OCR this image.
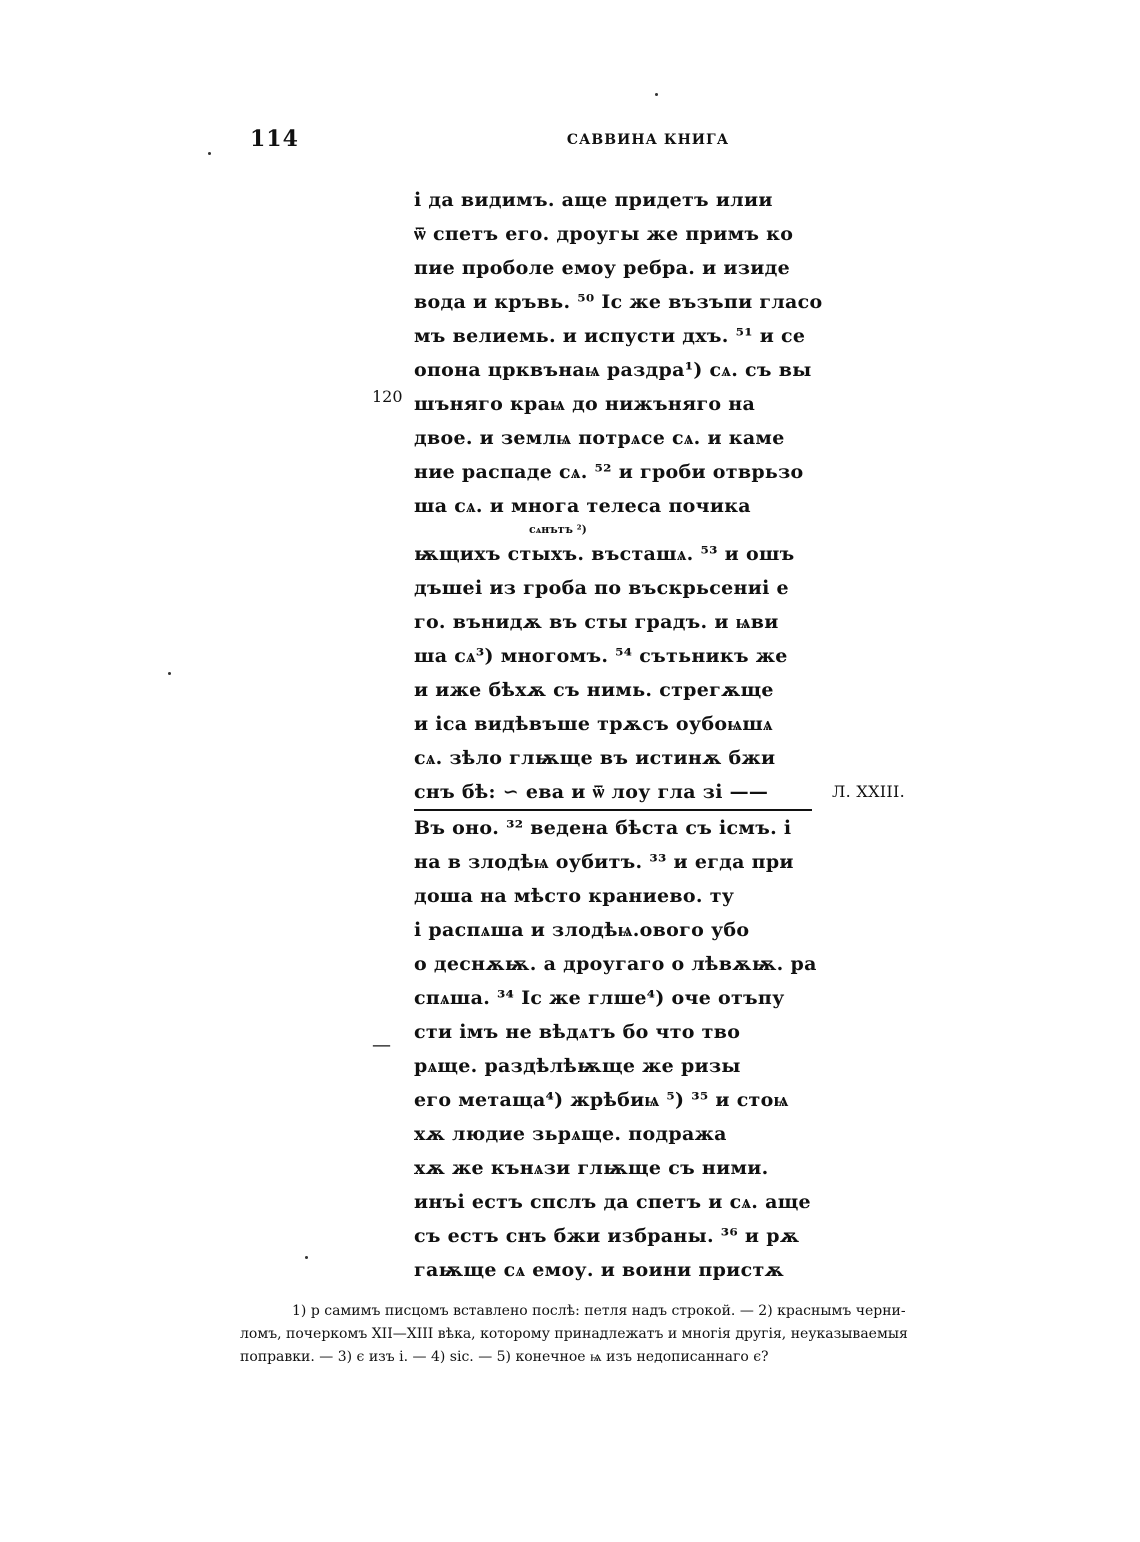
114	САВВИНА КНИГА
120
—
і да видимъ. аще придетъ илии
ѿ спетъ его. дроугы же примъ ко
пие проболе емоу ребра. и изиде
вода и кръвь. ⁵⁰ Іс же възъпи гласо
мъ велиемь. и испусти дхъ. ⁵¹ и се
опона црквънаѩ раздра¹) сѧ. съ вы
шъняго краѩ до нижъняго на
двое. и землѩ потрѧсе сѧ. и каме
ние распаде сѧ. ⁵² и гроби отврьзо
ша сѧ. и многа телеса почика
сѧнътъ ²)
ѭщихъ стыхъ. въсташѧ. ⁵³ и ошъ
дъшеі из гроба по въскрьсениі е
го. вънидѫ въ сты градъ. и ѩви
ша сѧ³) многомъ. ⁵⁴ сътьникъ же
и иже бѣхѫ съ нимь. стрегѫще
и іса видѣвъше трѫсъ оубоѩшѧ
сѧ. зѣло глѭще въ истинѫ бжи
снъ бѣ: ∽ ева и ѿ лоу гла зі ——	Л. XXIII.
Въ оно. ³² ведена бѣста съ ісмъ. і
на в злодѣѩ оубитъ. ³³ и егда при
доша на мѣсто краниево. ту
і распѧша и злодѣѩ.ового убо
о деснѫѭ. а дроугаго о лѣвѫѭ. ра
спѧша. ³⁴ Іс же глше⁴) оче отъпу
сти імъ не вѣдѧтъ бо что тво
рѧще. раздѣлѣѭще же ризы
его метаща⁴) жрѣбиѩ ⁵) ³⁵ и стоѩ
хѫ людие зьрѧще. подража
хѫ же кънѧзи глѭще съ ними.
инъі естъ спслъ да спетъ и сѧ. аще
съ естъ снъ бжи избраны. ³⁶ и рѫ
гаѭще сѧ емоу. и воини пристѫ

1) р самимъ писцомъ вставлено послѣ: петля надъ строкой. — 2) краснымъ черни-

ломъ, почеркомъ XII—XIII вѣка, которому принадлежатъ и многія другія, неуказываемыя

поправки. — 3) є изъ і. — 4) sic. — 5) конечное ѩ изъ недописаннаго є?
